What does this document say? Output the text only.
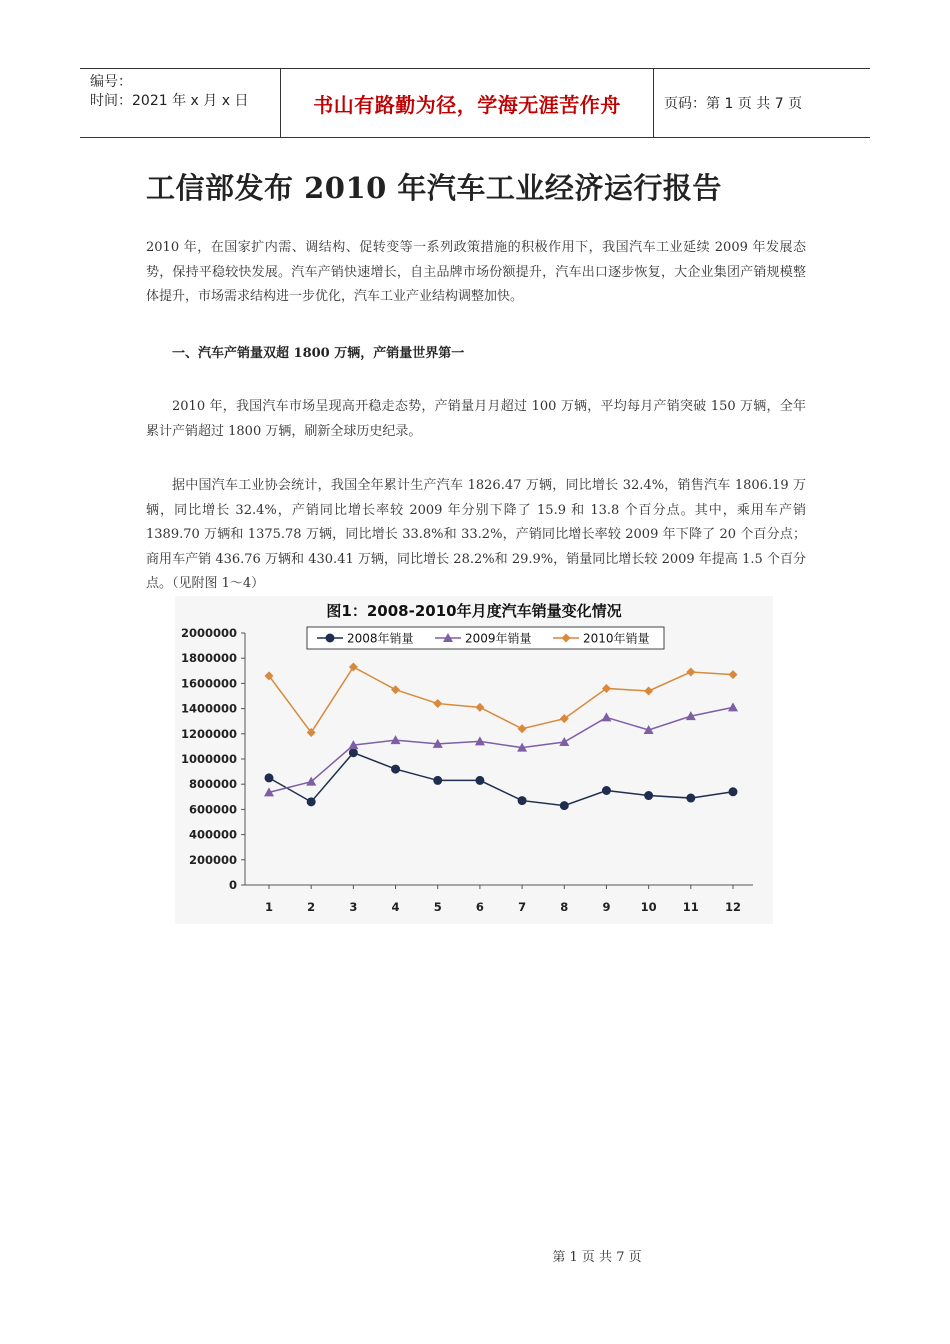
编号：
时间：2021 年 x 月 x 日	书山有路勤为径，学海无涯苦作舟	页码：第 1 页 共 7 页
工信部发布 2010 年汽车工业经济运行报告
2010 年，在国家扩内需、调结构、促转变等一系列政策措施的积极作用下，我国汽车工业延续 2009 年发展态势，保持平稳较快发展。汽车产销快速增长，自主品牌市场份额提升，汽车出口逐步恢复，大企业集团产销规模整体提升，市场需求结构进一步优化，汽车工业产业结构调整加快。
一、汽车产销量双超 1800 万辆，产销量世界第一
2010 年，我国汽车市场呈现高开稳走态势，产销量月月超过 100 万辆，平均每月产销突破 150 万辆，全年累计产销超过 1800 万辆，刷新全球历史纪录。
据中国汽车工业协会统计，我国全年累计生产汽车 1826.47 万辆，同比增长 32.4%，销售汽车 1806.19 万辆，同比增长 32.4%，产销同比增长率较 2009 年分别下降了 15.9 和 13.8 个百分点。其中，乘用车产销 1389.70 万辆和 1375.78 万辆，同比增长 33.8%和 33.2%，产销同比增长率较 2009 年下降了 20 个百分点；商用车产销 436.76 万辆和 430.41 万辆，同比增长 28.2%和 29.9%，销量同比增长较 2009 年提高 1.5 个百分点。（见附图 1～4）
图1：2008-2010年月度汽车销量变化情况
0
200000
400000
600000
800000
1000000
1200000
1400000
1600000
1800000
2000000
1	2	3	4	5	6	7	8	9	10 11 12
2008年销量	2009年销量	2010年销量
第 1 页 共 7 页
